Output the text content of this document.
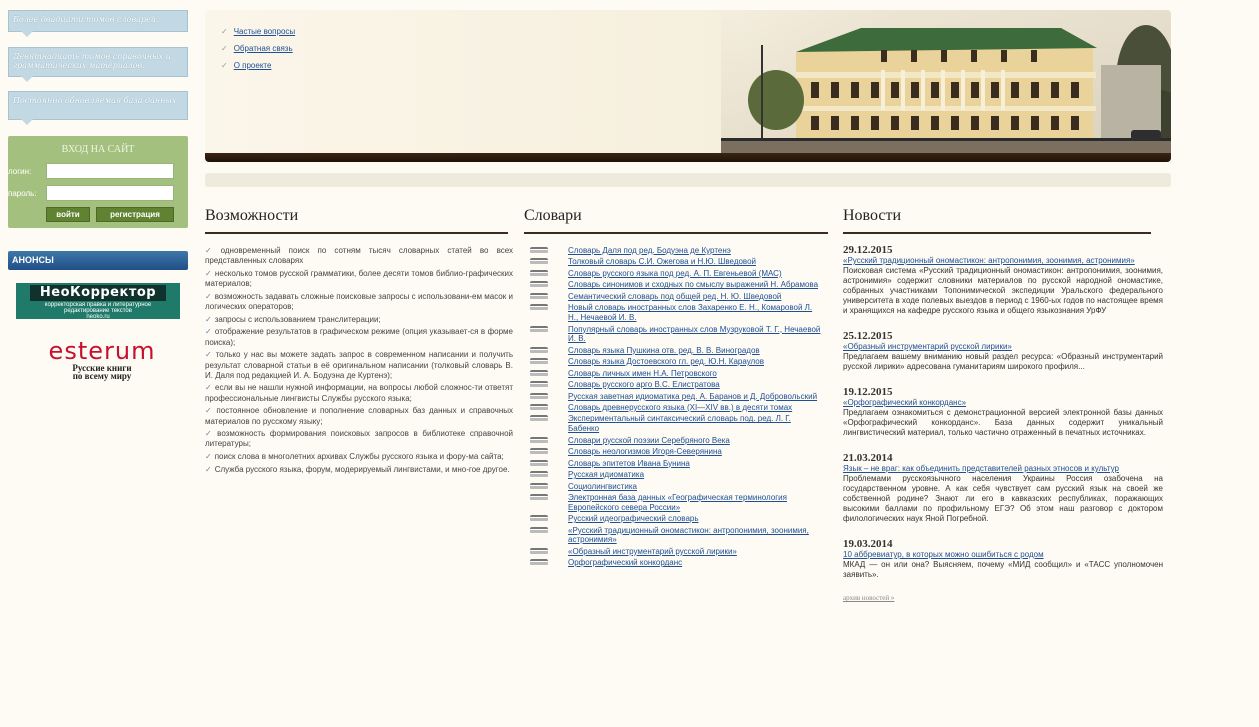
Более двадцати томов словарей.
Девятнадцать томов справочных и грамматических материалов.
Постоянно обновляемая база данных.
ВХОД НА САЙТ
логин:
пароль:
войти	регистрация
АНОНСЫ
НеоКорректор
корректорская правка и литературное
редактирование текстов
neoko.ru
esterum
Русские книги
по всему миру
✓ Частые вопросы
✓ Обратная связь
✓ О проекте
Возможности	Словари	Новости
✓ одновременный поиск по сотням тысяч словарных статей во всех представленных словарях
✓ несколько томов русской грамматики, более десяти томов библио-графических материалов;
✓ возможность задавать сложные поисковые запросы с использовани-ем масок и логических операторов;
✓ запросы с использованием транслитерации;
✓ отображение результатов в графическом режиме (опция указывает-ся в форме поиска);
✓ только у нас вы можете задать запрос в современном написании и получить результат словарной статьи в её оригинальном написании (толковый словарь В. И. Даля под редакцией И. А. Бодуэна де Куртенэ);
✓ если вы не нашли нужной информации, на вопросы любой сложнос-ти ответят профессиональные лингвисты Службы русского языка;
✓ постоянное обновление и пополнение словарных баз данных и справочных материалов по русскому языку;
✓ возможность формирования поисковых запросов в библиотеке справочной литературы;
✓ поиск слова в многолетних архивах Службы русского языка и фору-ма сайта;
✓ Служба русского языка, форум, модерируемый лингвистами, и мно-гое другое.
Словарь Даля под ред. Бодуэна де Куртенэ
Толковый словарь С.И. Ожегова и Н.Ю. Шведовой
Словарь русского языка под ред. А. П. Евгеньевой (МАС)
Словарь синонимов и сходных по смыслу выражений Н. Абрамова
Семантический словарь под общей ред. Н. Ю. Шведовой
Новый словарь иностранных слов Захаренко Е. Н., Комаровой Л. Н., Нечаевой И. В.
Популярный словарь иностранных слов Музруковой Т. Г., Нечаевой И. В.
Словарь языка Пушкина отв. ред. В. В. Виноградов
Словарь языка Достоевского гл. ред. Ю.Н. Караулов
Словарь личных имен Н.А. Петровского
Словарь русского арго В.С. Елистратова
Русская заветная идиоматика ред. А. Баранов и Д. Добровольский
Словарь древнерусского языка (XI—XIV вв.) в десяти томах
Экспериментальный синтаксический словарь под. ред. Л. Г. Бабенко
Словари русской поэзии Серебряного Века
Словарь неологизмов Игоря-Северянина
Словарь эпитетов Ивана Бунина
Русская идиоматика
Социолингвистика
Электронная база данных «Географическая терминология Европейского севера России»
Русский идеографический словарь
«Русский традиционный ономастикон: антропонимия, зоонимия, астронимия»
«Образный инструментарий русской лирики»
Орфографический конкорданс
29.12.2015
«Русский традиционный ономастикон: антропонимия, зоонимия, астронимия»
Поисковая система «Русский традиционный ономастикон: антропонимия, зоонимия, астронимия» содержит словники материалов по русской народной ономастике, собранных участниками Топонимической экспедиции Уральского федерального университета в ходе полевых выездов в период с 1960-ых годов по настоящее время и хранящихся на кафедре русского языка и общего языкознания УрФУ
25.12.2015
«Образный инструментарий русской лирики»
Предлагаем вашему вниманию новый раздел ресурса: «Образный инструментарий русской лирики» адресована гуманитариям широкого профиля...
19.12.2015
«Орфографический конкорданс»
Предлагаем ознакомиться с демонстрационной версией электронной базы данных «Орфографический конкорданс». База данных содержит уникальный лингвистический материал, только частично отраженный в печатных источниках.
21.03.2014
Язык – не враг: как объединить представителей разных этносов и культур
Проблемами русскоязычного населения Украины Россия озабочена на государственном уровне. А как себя чувствует сам русский язык на своей же собственной родине? Знают ли его в кавказских республиках, поражающих высокими баллами по профильному ЕГЭ? Об этом наш разговор с доктором филологических наук Яной Погребной.
19.03.2014
10 аббревиатур, в которых можно ошибиться с родом
МКАД — он или она? Выясняем, почему «МИД сообщил» и «ТАСС уполномочен заявить».
архив новостей »
